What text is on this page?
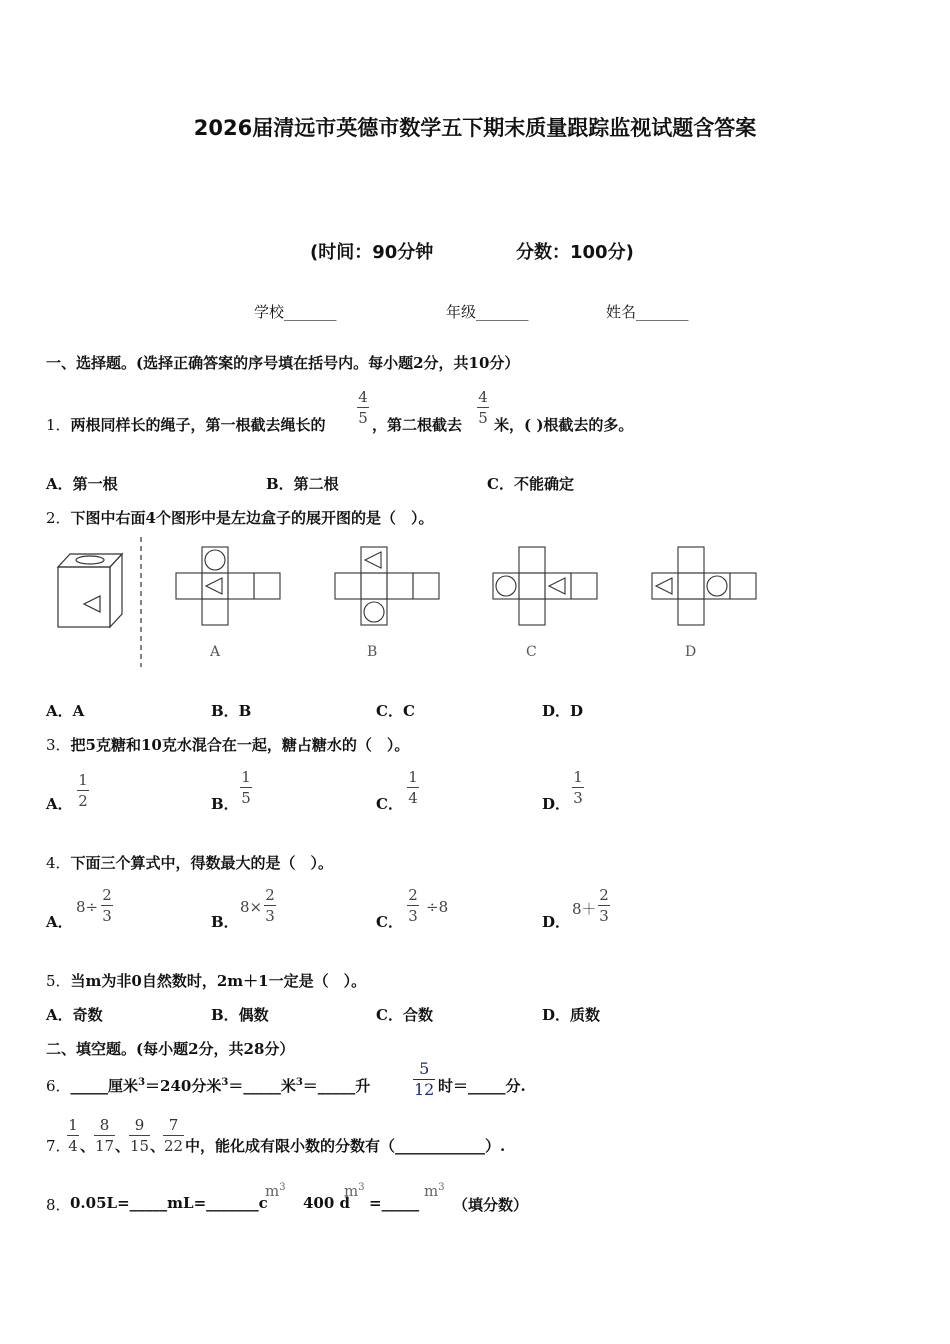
2026届清远市英德市数学五下期末质量跟踪监视试题含答案
(时间：90分钟	分数：100分)
学校_______	年级_______	姓名_______
一、选择题。(选择正确答案的序号填在括号内。每小题2分，共10分）
1．两根同样长的绳子，第一根截去绳长的
4
5 ，第二根截去
4
5 米，( )根截去的多。
A．第一根	B．第二根	C．不能确定
2．下图中右面4个图形中是左边盒子的展开图的是（　）。
A	B	C	D
A．A	B．B	C．C	D．D
3．把5克糖和10克水混合在一起，糖占糖水的（　）。
A．
1
2	B．
1
5	C．
1
4	D．
1
3
4．下面三个算式中，得数最大的是（　）。
A．
8÷
2
3	B．
8×
2
3	C．
2
3 ÷8
D．
8＋
2
3
5．当m为非0自然数时，2m＋1一定是（　）。
A．奇数	B．偶数	C．合数	D．质数
二、填空题。(每小题2分，共28分）
6．_____厘米$^3$＝240分米$^3$＝_____米$^3$＝_____升
5
12 时＝_____分.
7．
1
4 、
8
17 、
9
15 、
7
22 中，能化成有限小数的分数有（____________）.
8． 0.05L=_____mL=_______c
$m^3$
400 d
$m^3$
=_____
$m^3$
（填分数）
